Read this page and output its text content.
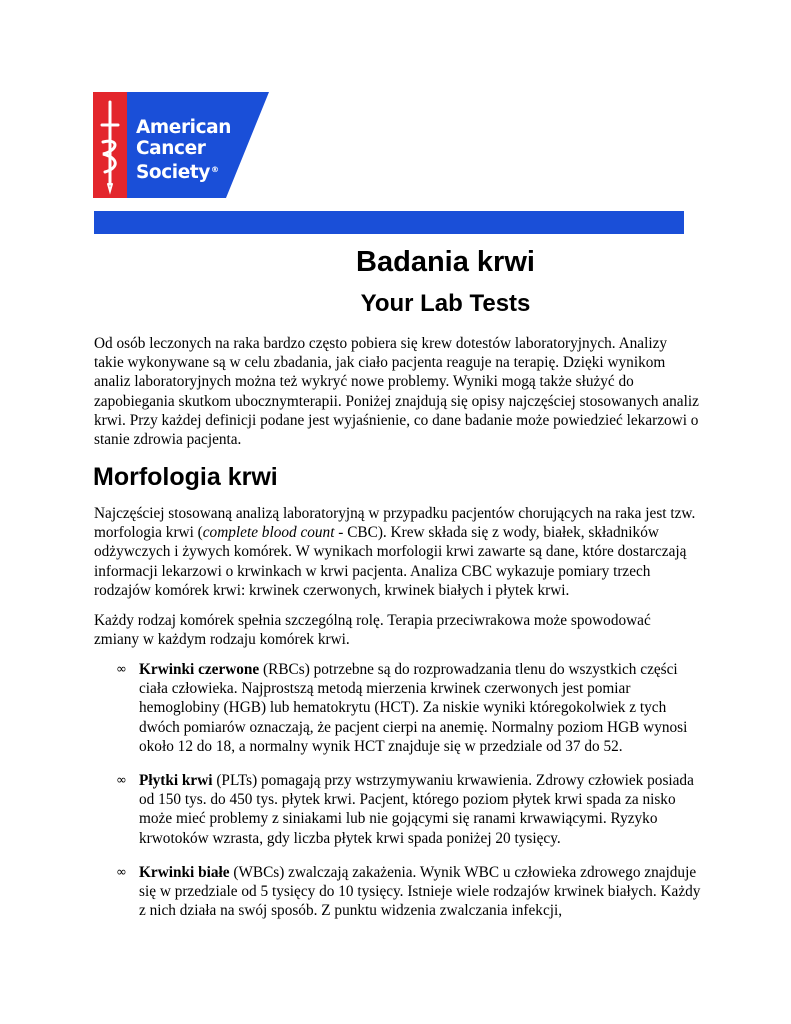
American
Cancer
Society®
Badania krwi
Your Lab Tests

Od osób leczonych na raka bardzo często pobiera się krew dotestów laboratoryjnych. Analizy takie wykonywane są w celu zbadania, jak ciało pacjenta reaguje na terapię. Dzięki wynikom analiz laboratoryjnych można też wykryć nowe problemy. Wyniki mogą także służyć do zapobiegania skutkom ubocznymterapii. Poniżej znajdują się opisy najczęściej stosowanych analiz krwi. Przy każdej definicji podane jest wyjaśnienie, co dane badanie może powiedzieć lekarzowi o stanie zdrowia pacjenta.

Morfologia krwi

Najczęściej stosowaną analizą laboratoryjną w przypadku pacjentów chorujących na raka jest tzw. morfologia krwi (complete blood count - CBC). Krew składa się z wody, białek, składników odżywczych i żywych komórek. W wynikach morfologii krwi zawarte są dane, które dostarczają informacji lekarzowi o krwinkach w krwi pacjenta. Analiza CBC wykazuje pomiary trzech rodzajów komórek krwi: krwinek czerwonych, krwinek białych i płytek krwi.

Każdy rodzaj komórek spełnia szczególną rolę. Terapia przeciwrakowa może spowodować zmiany w każdym rodzaju komórek krwi.

∞ Krwinki czerwone (RBCs) potrzebne są do rozprowadzania tlenu do wszystkich części ciała człowieka. Najprostszą metodą mierzenia krwinek czerwonych jest pomiar hemoglobiny (HGB) lub hematokrytu (HCT). Za niskie wyniki któregokolwiek z tych dwóch pomiarów oznaczają, że pacjent cierpi na anemię. Normalny poziom HGB wynosi około 12 do 18, a normalny wynik HCT znajduje się w przedziale od 37 do 52.
∞ Płytki krwi (PLTs) pomagają przy wstrzymywaniu krwawienia. Zdrowy człowiek posiada od 150 tys. do 450 tys. płytek krwi. Pacjent, którego poziom płytek krwi spada za nisko może mieć problemy z siniakami lub nie gojącymi się ranami krwawiącymi. Ryzyko krwotoków wzrasta, gdy liczba płytek krwi spada poniżej 20 tysięcy.
∞ Krwinki białe (WBCs) zwalczają zakażenia. Wynik WBC u człowieka zdrowego znajduje się w przedziale od 5 tysięcy do 10 tysięcy. Istnieje wiele rodzajów krwinek białych. Każdy z nich działa na swój sposób. Z punktu widzenia zwalczania infekcji,
